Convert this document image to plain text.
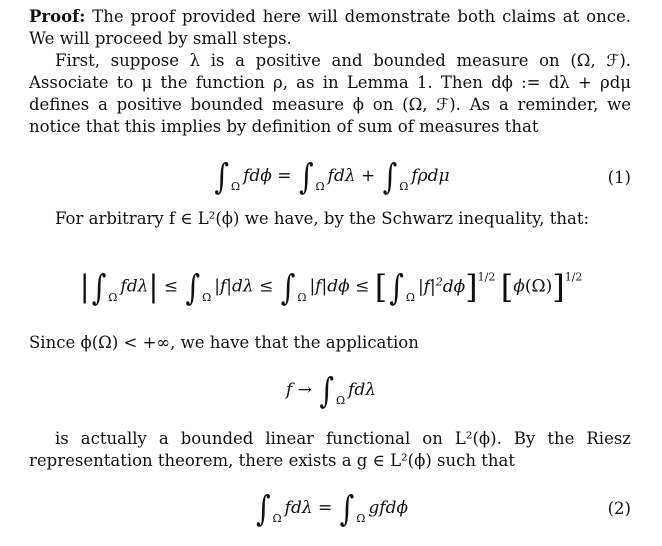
Proof: The proof provided here will demonstrate both claims at once. We will proceed by small steps.
First, suppose λ is a positive and bounded measure on (Ω, ℱ). Associate to μ the function ρ, as in Lemma 1. Then dϕ := dλ + ρdμ defines a positive bounded measure ϕ on (Ω, ℱ). As a reminder, we notice that this implies by definition of sum of measures that
∫ $_\Omega$fdϕ = ∫ $_\Omega$fdλ + ∫ $_\Omega$fρdμ	(1)
For arbitrary f ∈ L²(ϕ) we have, by the Schwarz inequality, that:
|∫ $_\Omega$fdλ| ≤ ∫ $_\Omega$|f|dλ ≤ ∫ $_\Omega$|f|dϕ ≤ [∫ $_\Omega|f|^2d\phi]^{1/2}$ $[\phi(\Omega)]^{1/2}$
Since ϕ(Ω) < +∞, we have that the application
f → ∫ $_\Omega$fdλ
is actually a bounded linear functional on L²(ϕ). By the Riesz representation theorem, there exists a g ∈ L²(ϕ) such that
∫ $_\Omega$fdλ = ∫ $_\Omega$gfdϕ	(2)
